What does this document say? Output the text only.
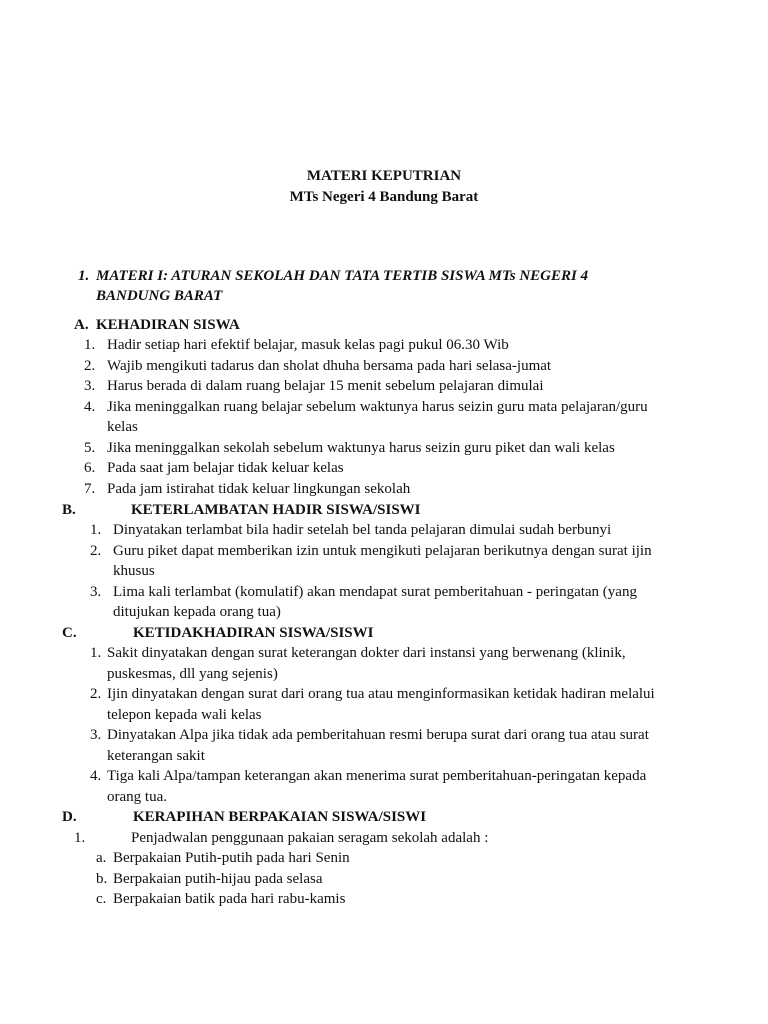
MATERI KEPUTRIAN
MTs Negeri 4 Bandung Barat
1. MATERI I: ATURAN SEKOLAH DAN TATA TERTIB SISWA MTs NEGERI 4
BANDUNG BARAT
A. KEHADIRAN SISWA
1. Hadir setiap hari efektif belajar, masuk kelas pagi pukul 06.30 Wib
2. Wajib mengikuti tadarus dan sholat dhuha bersama pada hari selasa-jumat
3. Harus berada di dalam ruang belajar 15 menit sebelum pelajaran dimulai
4. Jika meninggalkan ruang belajar sebelum waktunya harus seizin guru mata pelajaran/guru
kelas
5. Jika meninggalkan sekolah sebelum waktunya harus seizin guru piket dan wali kelas
6. Pada saat jam belajar tidak keluar kelas
7. Pada jam istirahat tidak keluar lingkungan sekolah
B.	KETERLAMBATAN HADIR SISWA/SISWI
1. Dinyatakan terlambat bila hadir setelah bel tanda pelajaran dimulai sudah berbunyi
2. Guru piket dapat memberikan izin untuk mengikuti pelajaran berikutnya dengan surat ijin
khusus
3. Lima kali terlambat (komulatif) akan mendapat surat pemberitahuan - peringatan (yang
ditujukan kepada orang tua)
C.	KETIDAKHADIRAN SISWA/SISWI
1. Sakit dinyatakan dengan surat keterangan dokter dari instansi yang berwenang (klinik,
puskesmas, dll yang sejenis)
2. Ijin dinyatakan dengan surat dari orang tua atau menginformasikan ketidak hadiran melalui
telepon kepada wali kelas
3. Dinyatakan Alpa jika tidak ada pemberitahuan resmi berupa surat dari orang tua atau surat
keterangan sakit
4. Tiga kali Alpa/tampan keterangan akan menerima surat pemberitahuan-peringatan kepada
orang tua.
D.	KERAPIHAN BERPAKAIAN SISWA/SISWI
1.	Penjadwalan penggunaan pakaian seragam sekolah adalah :
a. Berpakaian Putih-putih pada hari Senin
b. Berpakaian putih-hijau pada selasa
c. Berpakaian batik pada hari rabu-kamis
